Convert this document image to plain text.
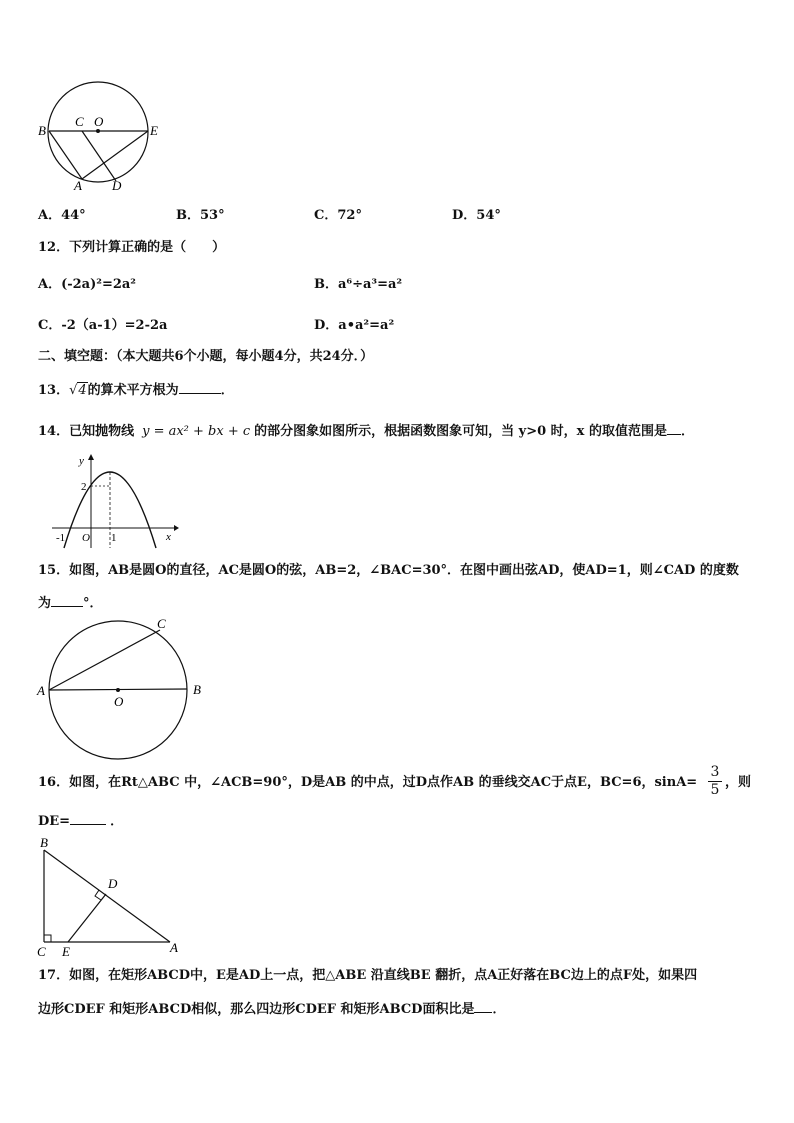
B
C O
E
A D
A．44°	B．53°	C．72°	D．54°
12．下列计算正确的是（　　）
A．(-2a)²=2a²	B．a⁶÷a³=a²
C．-2（a-1）=2-2a	D．a•a²=a²
二、填空题：（本大题共6个小题，每小题4分，共24分．）
13．√4的算术平方根为	．
14．已知抛物线 y = ax² + bx + c 的部分图象如图所示，根据函数图象可知，当 y>0 时，x 的取值范围是 ．
y
x
2
-1 O 1
15．如图，AB是圆O的直径，AC是圆O的弦，AB=2，∠BAC=30°．在图中画出弦AD，使AD=1，则∠CAD 的度数
为 °．
A	B
C
O
16．如图，在Rt△ABC 中，∠ACB=90°，D是AB 的中点，过D点作AB 的垂线交AC于点E，BC=6，sinA=
3
5 ，则
DE=	．
B
D
C E	A
17．如图，在矩形ABCD中，E是AD上一点，把△ABE 沿直线BE 翻折，点A正好落在BC边上的点F处，如果四
边形CDEF 和矩形ABCD相似，那么四边形CDEF 和矩形ABCD面积比是 ．
